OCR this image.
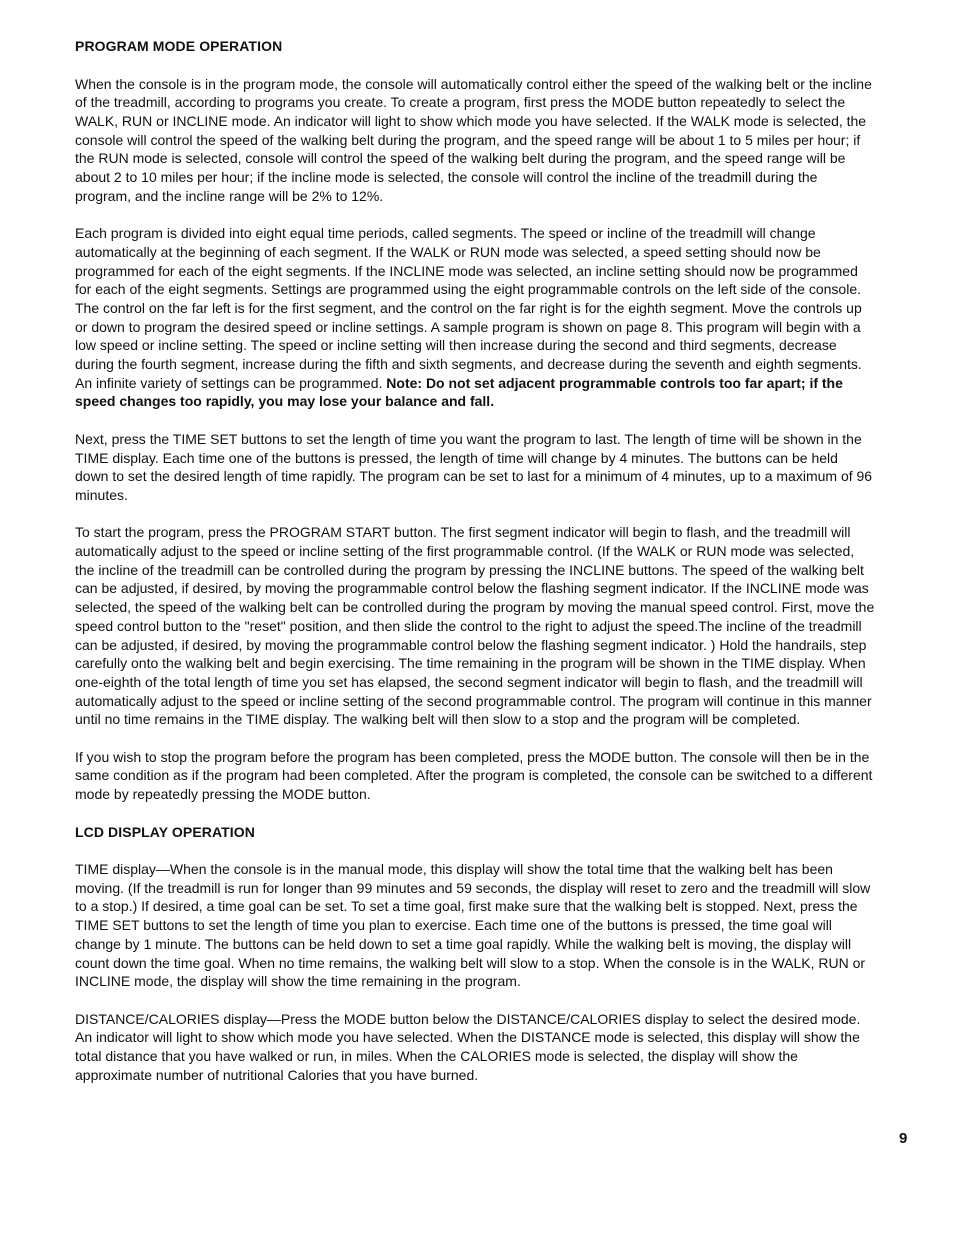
PROGRAM MODE OPERATION

When the console is in the program mode, the console will automatically control either the speed of the walking belt or the incline of the treadmill, according to programs you create. To create a program, first press the MODE button repeatedly to select the WALK, RUN or INCLINE mode. An indicator will light to show which mode you have selected. If the WALK mode is selected, the console will control the speed of the walking belt during the program, and the speed range will be about 1 to 5 miles per hour; if the RUN mode is selected, console will control the speed of the walking belt during the program, and the speed range will be about 2 to 10 miles per hour; if the incline mode is selected, the console will control the incline of the treadmill during the program, and the incline range will be 2% to 12%.

Each program is divided into eight equal time periods, called segments. The speed or incline of the treadmill will change automatically at the beginning of each segment. If the WALK or RUN mode was selected, a speed setting should now be programmed for each of the eight segments. If the INCLINE mode was selected, an incline setting should now be programmed for each of the eight segments. Settings are programmed using the eight programmable controls on the left side of the console. The control on the far left is for the first segment, and the control on the far right is for the eighth segment. Move the controls up or down to program the desired speed or incline settings. A sample program is shown on page 8. This program will begin with a low speed or incline setting. The speed or incline setting will then increase during the second and third segments, decrease during the fourth segment, increase during the fifth and sixth segments, and decrease during the seventh and eighth segments. An infinite variety of settings can be programmed. Note: Do not set adjacent programmable controls too far apart; if the speed changes too rapidly, you may lose your balance and fall.

Next, press the TIME SET buttons to set the length of time you want the program to last. The length of time will be shown in the TIME display. Each time one of the buttons is pressed, the length of time will change by 4 minutes. The buttons can be held down to set the desired length of time rapidly. The program can be set to last for a minimum of 4 minutes, up to a maximum of 96 minutes.

To start the program, press the PROGRAM START button. The first segment indicator will begin to flash, and the treadmill will automatically adjust to the speed or incline setting of the first programmable control. (If the WALK or RUN mode was selected, the incline of the treadmill can be controlled during the program by pressing the INCLINE buttons. The speed of the walking belt can be adjusted, if desired, by moving the programmable control below the flashing segment indicator. If the INCLINE mode was selected, the speed of the walking belt can be controlled during the program by moving the manual speed control. First, move the speed control button to the "reset" position, and then slide the control to the right to adjust the speed.The incline of the treadmill can be adjusted, if desired, by moving the programmable control below the flashing segment indicator. ) Hold the handrails, step carefully onto the walking belt and begin exercising. The time remaining in the program will be shown in the TIME display. When one-eighth of the total length of time you set has elapsed, the second segment indicator will begin to flash, and the treadmill will automatically adjust to the speed or incline setting of the second programmable control. The program will continue in this manner until no time remains in the TIME display. The walking belt will then slow to a stop and the program will be completed.

If you wish to stop the program before the program has been completed, press the MODE button. The console will then be in the same condition as if the program had been completed. After the program is completed, the console can be switched to a different mode by repeatedly pressing the MODE button.

LCD DISPLAY OPERATION

TIME display—When the console is in the manual mode, this display will show the total time that the walking belt has been moving. (If the treadmill is run for longer than 99 minutes and 59 seconds, the display will reset to zero and the treadmill will slow to a stop.) If desired, a time goal can be set. To set a time goal, first make sure that the walking belt is stopped. Next, press the TIME SET buttons to set the length of time you plan to exercise. Each time one of the buttons is pressed, the time goal will change by 1 minute. The buttons can be held down to set a time goal rapidly. While the walking belt is moving, the display will count down the time goal. When no time remains, the walking belt will slow to a stop. When the console is in the WALK, RUN or INCLINE mode, the display will show the time remaining in the program.

DISTANCE/CALORIES display—Press the MODE button below the DISTANCE/CALORIES display to select the desired mode. An indicator will light to show which mode you have selected. When the DISTANCE mode is selected, this display will show the total distance that you have walked or run, in miles. When the CALORIES mode is selected, the display will show the approximate number of nutritional Calories that you have burned.

9
